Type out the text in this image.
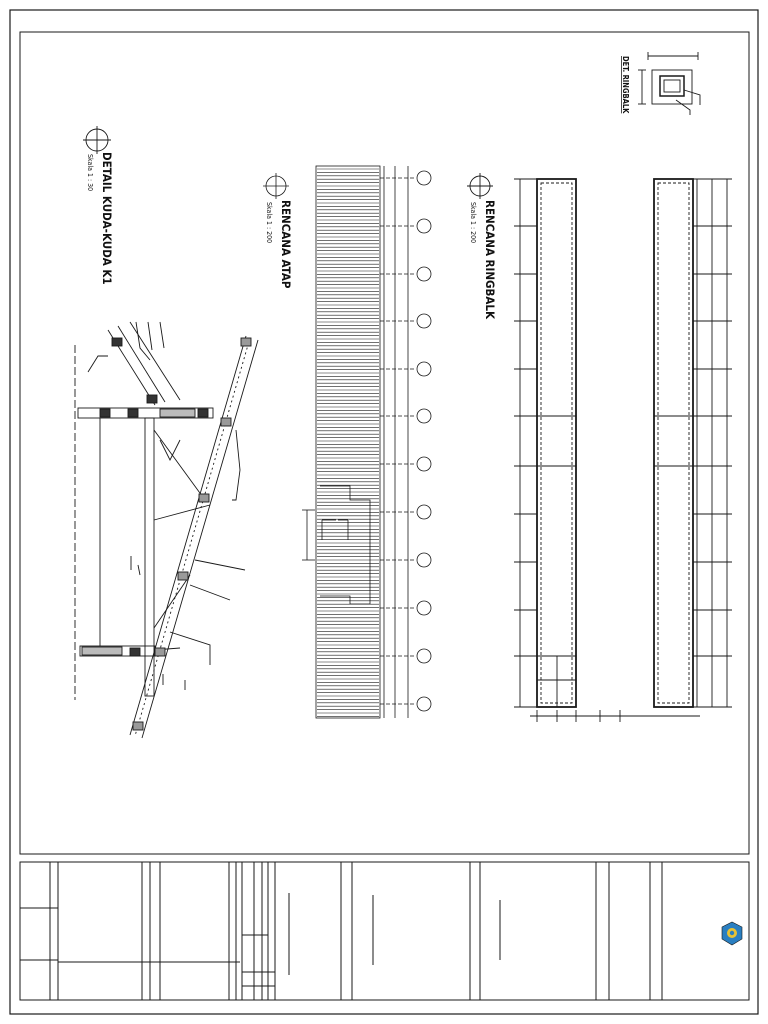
DETAIL KUDA-KUDA K1
Skala 1 : 30
RENCANA ATAP
Skala 1 : 200	RENCANA RINGBALK
Skala 1 : 200
DET. RINGBALK
